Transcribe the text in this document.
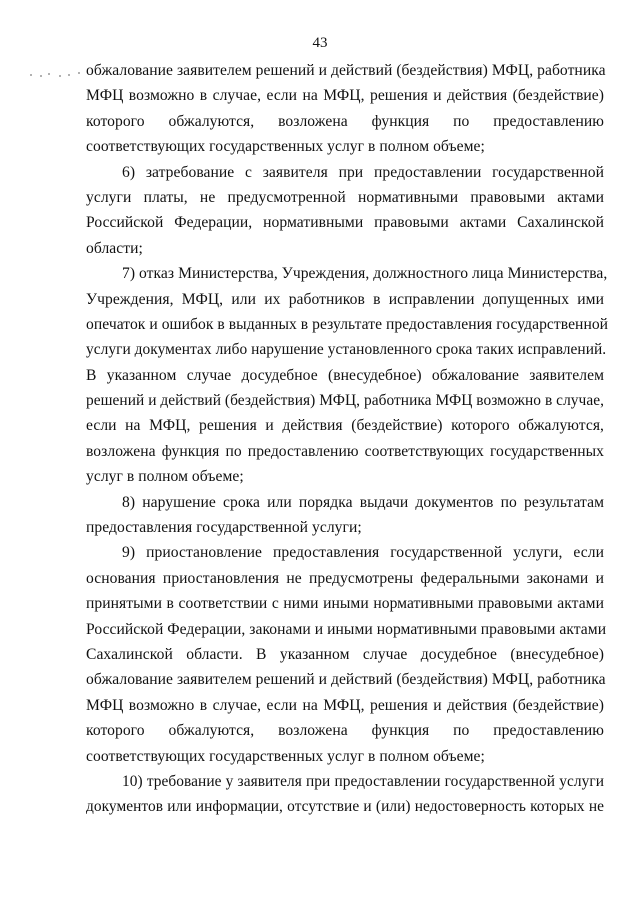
43
обжалование заявителем решений и действий (бездействия) МФЦ, работника
МФЦ возможно в случае, если на МФЦ, решения и действия (бездействие)
которого обжалуются, возложена функция по предоставлению
соответствующих государственных услуг в полном объеме;
6) затребование с заявителя при предоставлении государственной
услуги платы, не предусмотренной нормативными правовыми актами
Российской Федерации, нормативными правовыми актами Сахалинской
области;
7) отказ Министерства, Учреждения, должностного лица Министерства,
Учреждения, МФЦ, или их работников в исправлении допущенных ими
опечаток и ошибок в выданных в результате предоставления государственной
услуги документах либо нарушение установленного срока таких исправлений.
В указанном случае досудебное (внесудебное) обжалование заявителем
решений и действий (бездействия) МФЦ, работника МФЦ возможно в случае,
если на МФЦ, решения и действия (бездействие) которого обжалуются,
возложена функция по предоставлению соответствующих государственных
услуг в полном объеме;
8) нарушение срока или порядка выдачи документов по результатам
предоставления государственной услуги;
9) приостановление предоставления государственной услуги, если
основания приостановления не предусмотрены федеральными законами и
принятыми в соответствии с ними иными нормативными правовыми актами
Российской Федерации, законами и иными нормативными правовыми актами
Сахалинской области. В указанном случае досудебное (внесудебное)
обжалование заявителем решений и действий (бездействия) МФЦ, работника
МФЦ возможно в случае, если на МФЦ, решения и действия (бездействие)
которого обжалуются, возложена функция по предоставлению
соответствующих государственных услуг в полном объеме;
10) требование у заявителя при предоставлении государственной услуги
документов или информации, отсутствие и (или) недостоверность которых не
